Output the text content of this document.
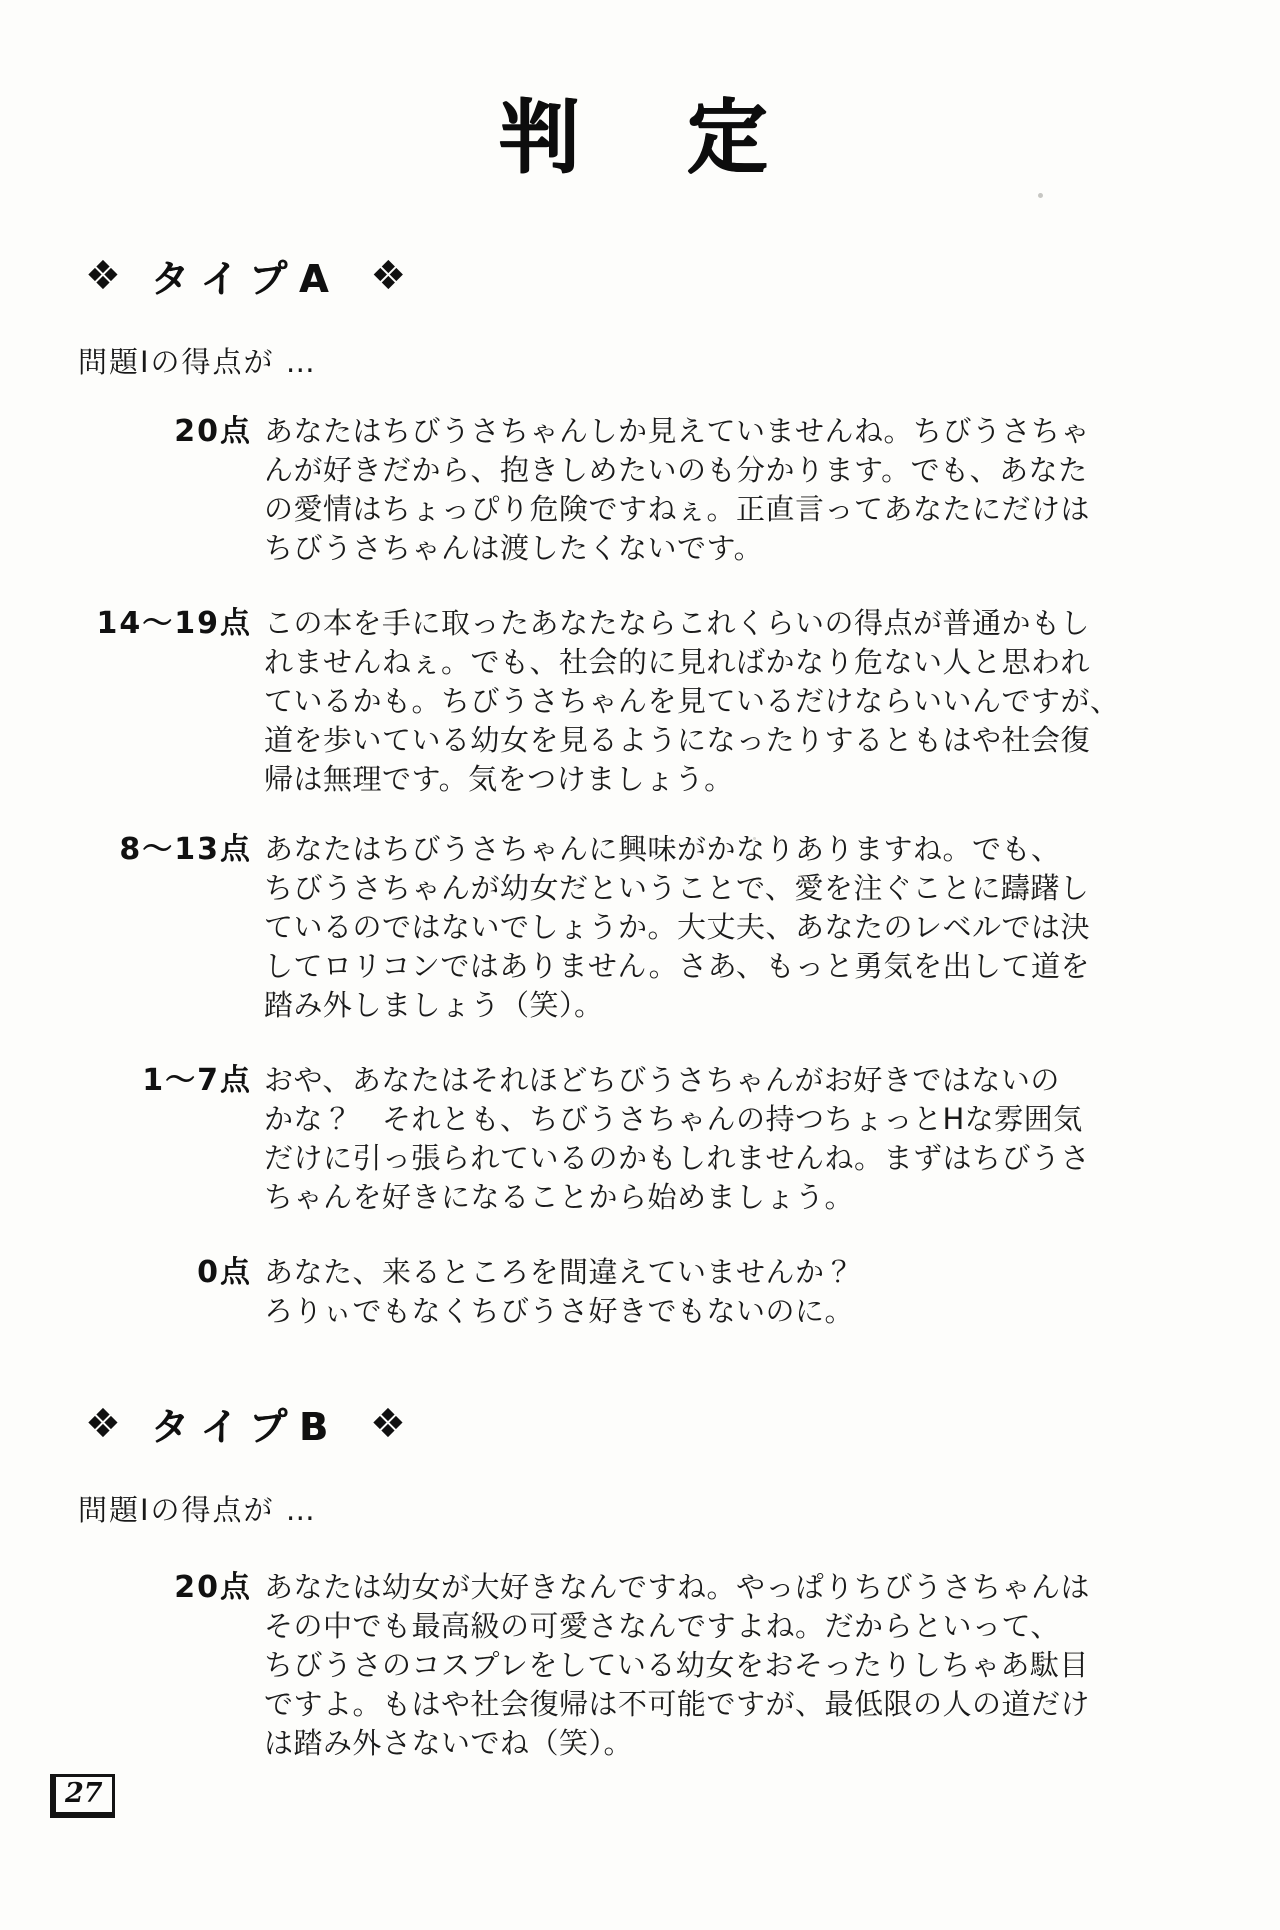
判　定
❖ タイプA ❖
問題Ⅰの得点が …
20点 あなたはちびうさちゃんしか見えていませんね。ちびうさちゃ
んが好きだから、抱きしめたいのも分かります。でも、あなた
の愛情はちょっぴり危険ですねぇ。正直言ってあなたにだけは
ちびうさちゃんは渡したくないです。
14～19点 この本を手に取ったあなたならこれくらいの得点が普通かもし
れませんねぇ。でも、社会的に見ればかなり危ない人と思われ
ているかも。ちびうさちゃんを見ているだけならいいんですが、
道を歩いている幼女を見るようになったりするともはや社会復
帰は無理です。気をつけましょう。
8～13点 あなたはちびうさちゃんに興味がかなりありますね。でも、
ちびうさちゃんが幼女だということで、愛を注ぐことに躊躇し
ているのではないでしょうか。大丈夫、あなたのレベルでは決
してロリコンではありません。さあ、もっと勇気を出して道を
踏み外しましょう（笑）。
1～7点 おや、あなたはそれほどちびうさちゃんがお好きではないの
かな？　それとも、ちびうさちゃんの持つちょっとHな雰囲気
だけに引っ張られているのかもしれませんね。まずはちびうさ
ちゃんを好きになることから始めましょう。
0点 あなた、来るところを間違えていませんか？
ろりぃでもなくちびうさ好きでもないのに。
❖ タイプB ❖
問題Ⅰの得点が …
20点 あなたは幼女が大好きなんですね。やっぱりちびうさちゃんは
その中でも最高級の可愛さなんですよね。だからといって、
ちびうさのコスプレをしている幼女をおそったりしちゃあ駄目
ですよ。もはや社会復帰は不可能ですが、最低限の人の道だけ
は踏み外さないでね（笑）。
27
